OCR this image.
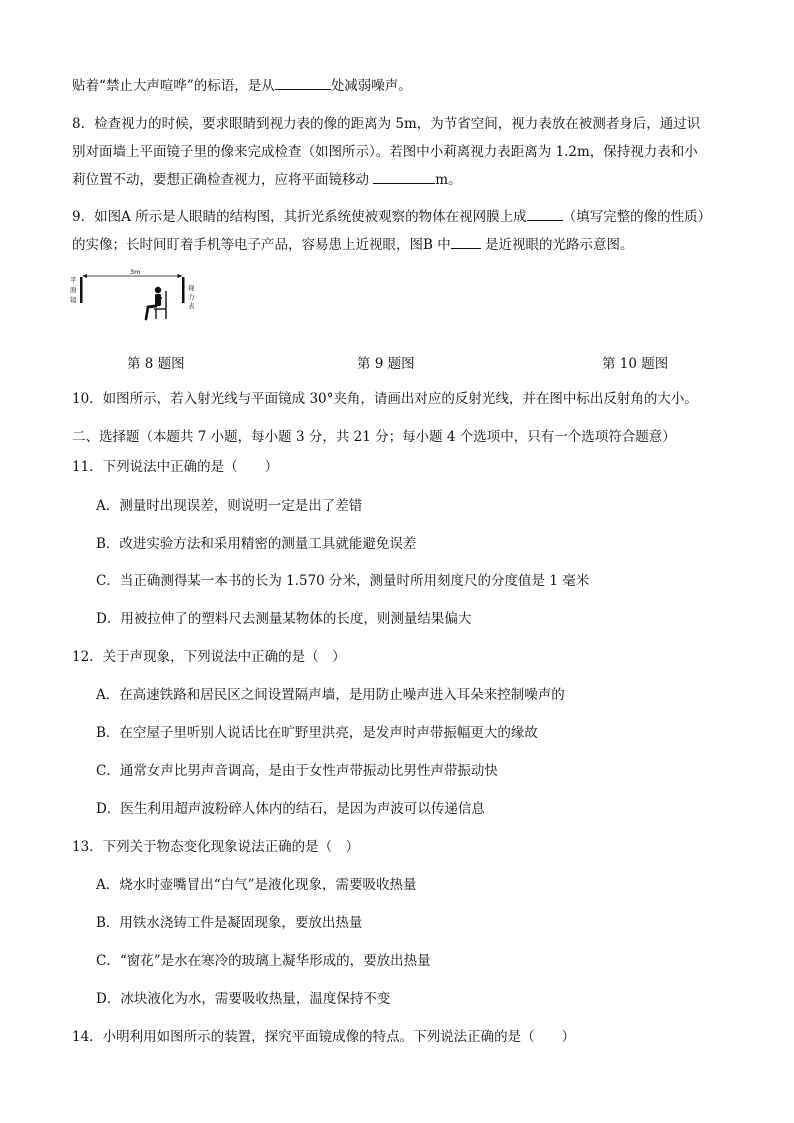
贴着“禁止大声喧哗”的标语，是从	处减弱噪声。
8．检查视力的时候，要求眼睛到视力表的像的距离为 5m，为节省空间，视力表放在被测者身后，通过识
别对面墙上平面镜子里的像来完成检查（如图所示）。若图中小莉离视力表距离为 1.2m，保持视力表和小
莉位置不动，要想正确检查视力，应将平面镜移动	m。
9．如图A 所示是人眼睛的结构图，其折光系统使被观察的物体在视网膜上成	（填写完整的像的性质）
的实像；长时间盯着手机等电子产品，容易患上近视眼，图B 中 是近视眼的光路示意图。
平
面
镜
3m
视
力
表
第 8 题图	第 9 题图	第 10 题图
10．如图所示，若入射光线与平面镜成 30°夹角，请画出对应的反射光线，并在图中标出反射角的大小。
二、选择题（本题共 7 小题，每小题 3 分，共 21 分；每小题 4 个选项中，只有一个选项符合题意）
11．下列说法中正确的是（　　）
A．测量时出现误差，则说明一定是出了差错
B．改进实验方法和采用精密的测量工具就能避免误差
C．当正确测得某一本书的长为 1.570 分米，测量时所用刻度尺的分度值是 1 毫米
D．用被拉伸了的塑料尺去测量某物体的长度，则测量结果偏大
12．关于声现象，下列说法中正确的是（　）
A．在高速铁路和居民区之间设置隔声墙，是用防止噪声进入耳朵来控制噪声的
B．在空屋子里听别人说话比在旷野里洪亮，是发声时声带振幅更大的缘故
C．通常女声比男声音调高，是由于女性声带振动比男性声带振动快
D．医生利用超声波粉碎人体内的结石，是因为声波可以传递信息
13．下列关于物态变化现象说法正确的是（　）
A．烧水时壶嘴冒出“白气”是液化现象，需要吸收热量
B．用铁水浇铸工件是凝固现象，要放出热量
C．“窗花”是水在寒冷的玻璃上凝华形成的，要放出热量
D．冰块液化为水，需要吸收热量，温度保持不变
14．小明利用如图所示的装置，探究平面镜成像的特点。下列说法正确的是（　　）
